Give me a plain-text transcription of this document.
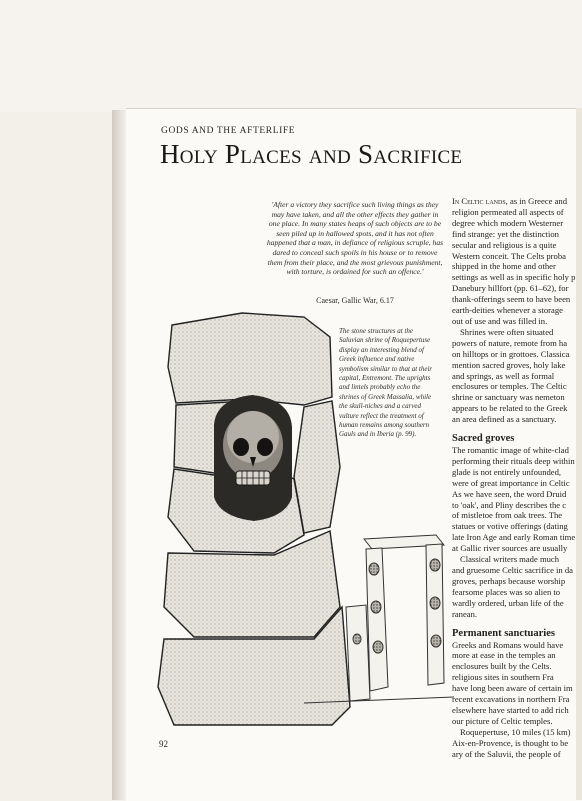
GODS AND THE AFTERLIFE
Holy Places and Sacrifice
'After a victory they sacrifice such living things as they may have taken, and all the other effects they gather in one place. In many states heaps of such objects are to be seen piled up in hallowed spots, and it has not often happened that a man, in defiance of religious scruple, has dared to conceal such spoils in his house or to remove them from their place, and the most grievous punishment, with torture, is ordained for such an offence.'
Caesar, Gallic War, 6.17
The stone structures at the Saluvian shrine of Roquepertuse display an interesting blend of Greek influence and native symbolism similar to that at their capital, Entremont. The uprights and lintels probably echo the shrines of Greek Massalia, while the skull-niches and a carved vulture reflect the treatment of human remains among southern Gauls and in Iberia (p. 99).

In Celtic lands, as in Greece and

religion permeated all aspects of
degree which modern Westerner
find strange: yet the distinction
secular and religious is a quite
Western conceit. The Celts proba
shipped in the home and other
settings as well as in specific holy p
Danebury hillfort (pp. 61–62), for
thank-offerings seem to have been
earth-deities whenever a storage
out of use and was filled in.

Shrines were often situated

powers of nature, remote from ha
on hilltops or in grottoes. Classica
mention sacred groves, holy lake
and springs, as well as formal
enclosures or temples. The Celtic
shrine or sanctuary was nemeton
appears to be related to the Greek
an area defined as a sanctuary.
Sacred groves
The romantic image of white-clad
performing their rituals deep within
glade is not entirely unfounded,
were of great importance in Celtic
As we have seen, the word Druid
to 'oak', and Pliny describes the c
of mistletoe from oak trees. The
statues or votive offerings (dating
late Iron Age and early Roman time
at Gallic river sources are usually

Classical writers made much

and gruesome Celtic sacrifice in da
groves, perhaps because worship
fearsome places was so alien to
wardly ordered, urban life of the
ranean.
Permanent sanctuaries
Greeks and Romans would have
more at ease in the temples an
enclosures built by the Celts.
religious sites in southern Fra
have long been aware of certain im
recent excavations in northern Fra
elsewhere have started to add rich
our picture of Celtic temples.

Roquepertuse, 10 miles (15 km)

Aix-en-Provence, is thought to be
ary of the Saluvii, the people of
92
